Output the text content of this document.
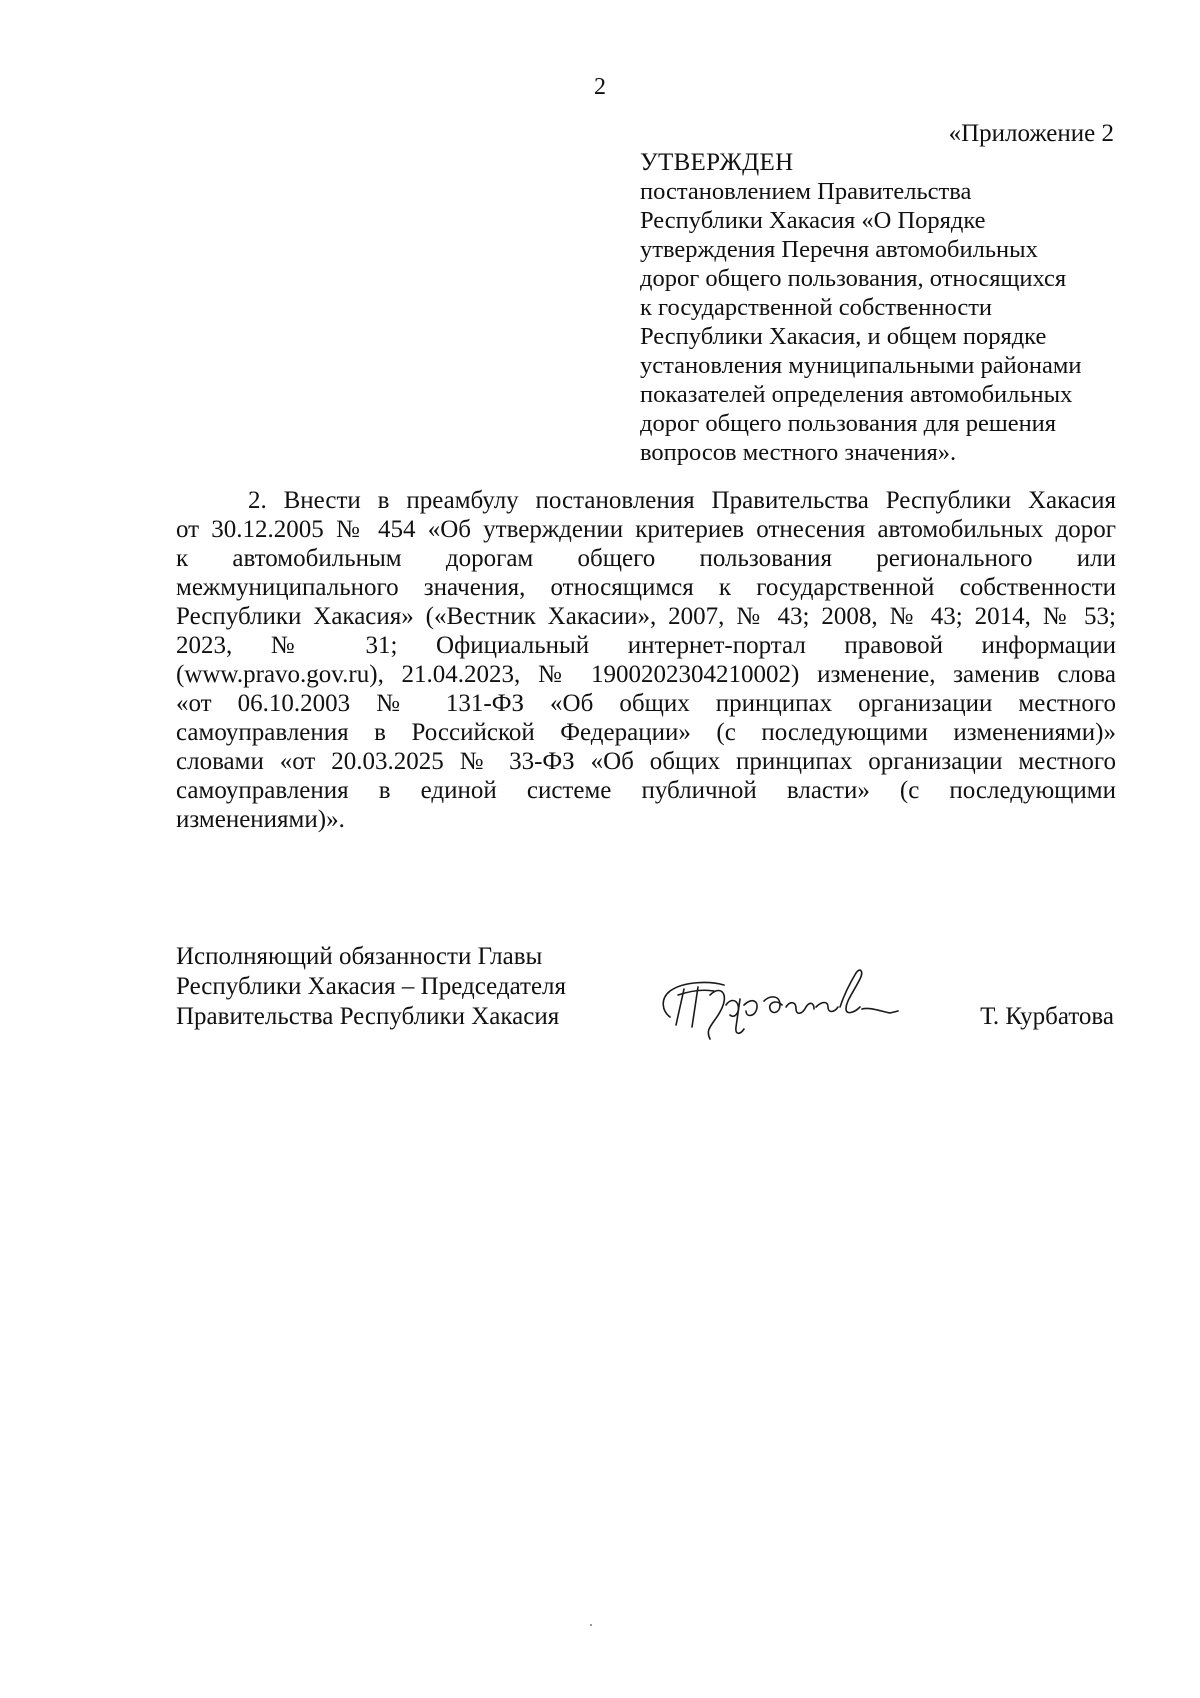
2
«Приложение 2
УТВЕРЖДЕН
постановлением Правительства
Республики Хакасия «О Порядке
утверждения Перечня автомобильных
дорог общего пользования, относящихся
к государственной собственности
Республики Хакасия, и общем порядке
установления муниципальными районами
показателей определения автомобильных
дорог общего пользования для решения
вопросов местного значения».
2. Внести в преамбулу постановления Правительства Республики Хакасия
от 30.12.2005 № 454 «Об утверждении критериев отнесения автомобильных дорог
к автомобильным дорогам общего пользования регионального или
межмуниципального значения, относящимся к государственной собственности
Республики Хакасия» («Вестник Хакасии», 2007, № 43; 2008, № 43; 2014, № 53;
2023, № 31; Официальный интернет-портал правовой информации
(www.pravo.gov.ru), 21.04.2023, № 1900202304210002) изменение, заменив слова
«от 06.10.2003 № 131-ФЗ «Об общих принципах организации местного
самоуправления в Российской Федерации» (с последующими изменениями)»
словами «от 20.03.2025 № 33-ФЗ «Об общих принципах организации местного
самоуправления в единой системе публичной власти» (с последующими
изменениями)».
Исполняющий обязанности Главы
Республики Хакасия – Председателя
Правительства Республики Хакасия	Т. Курбатова
